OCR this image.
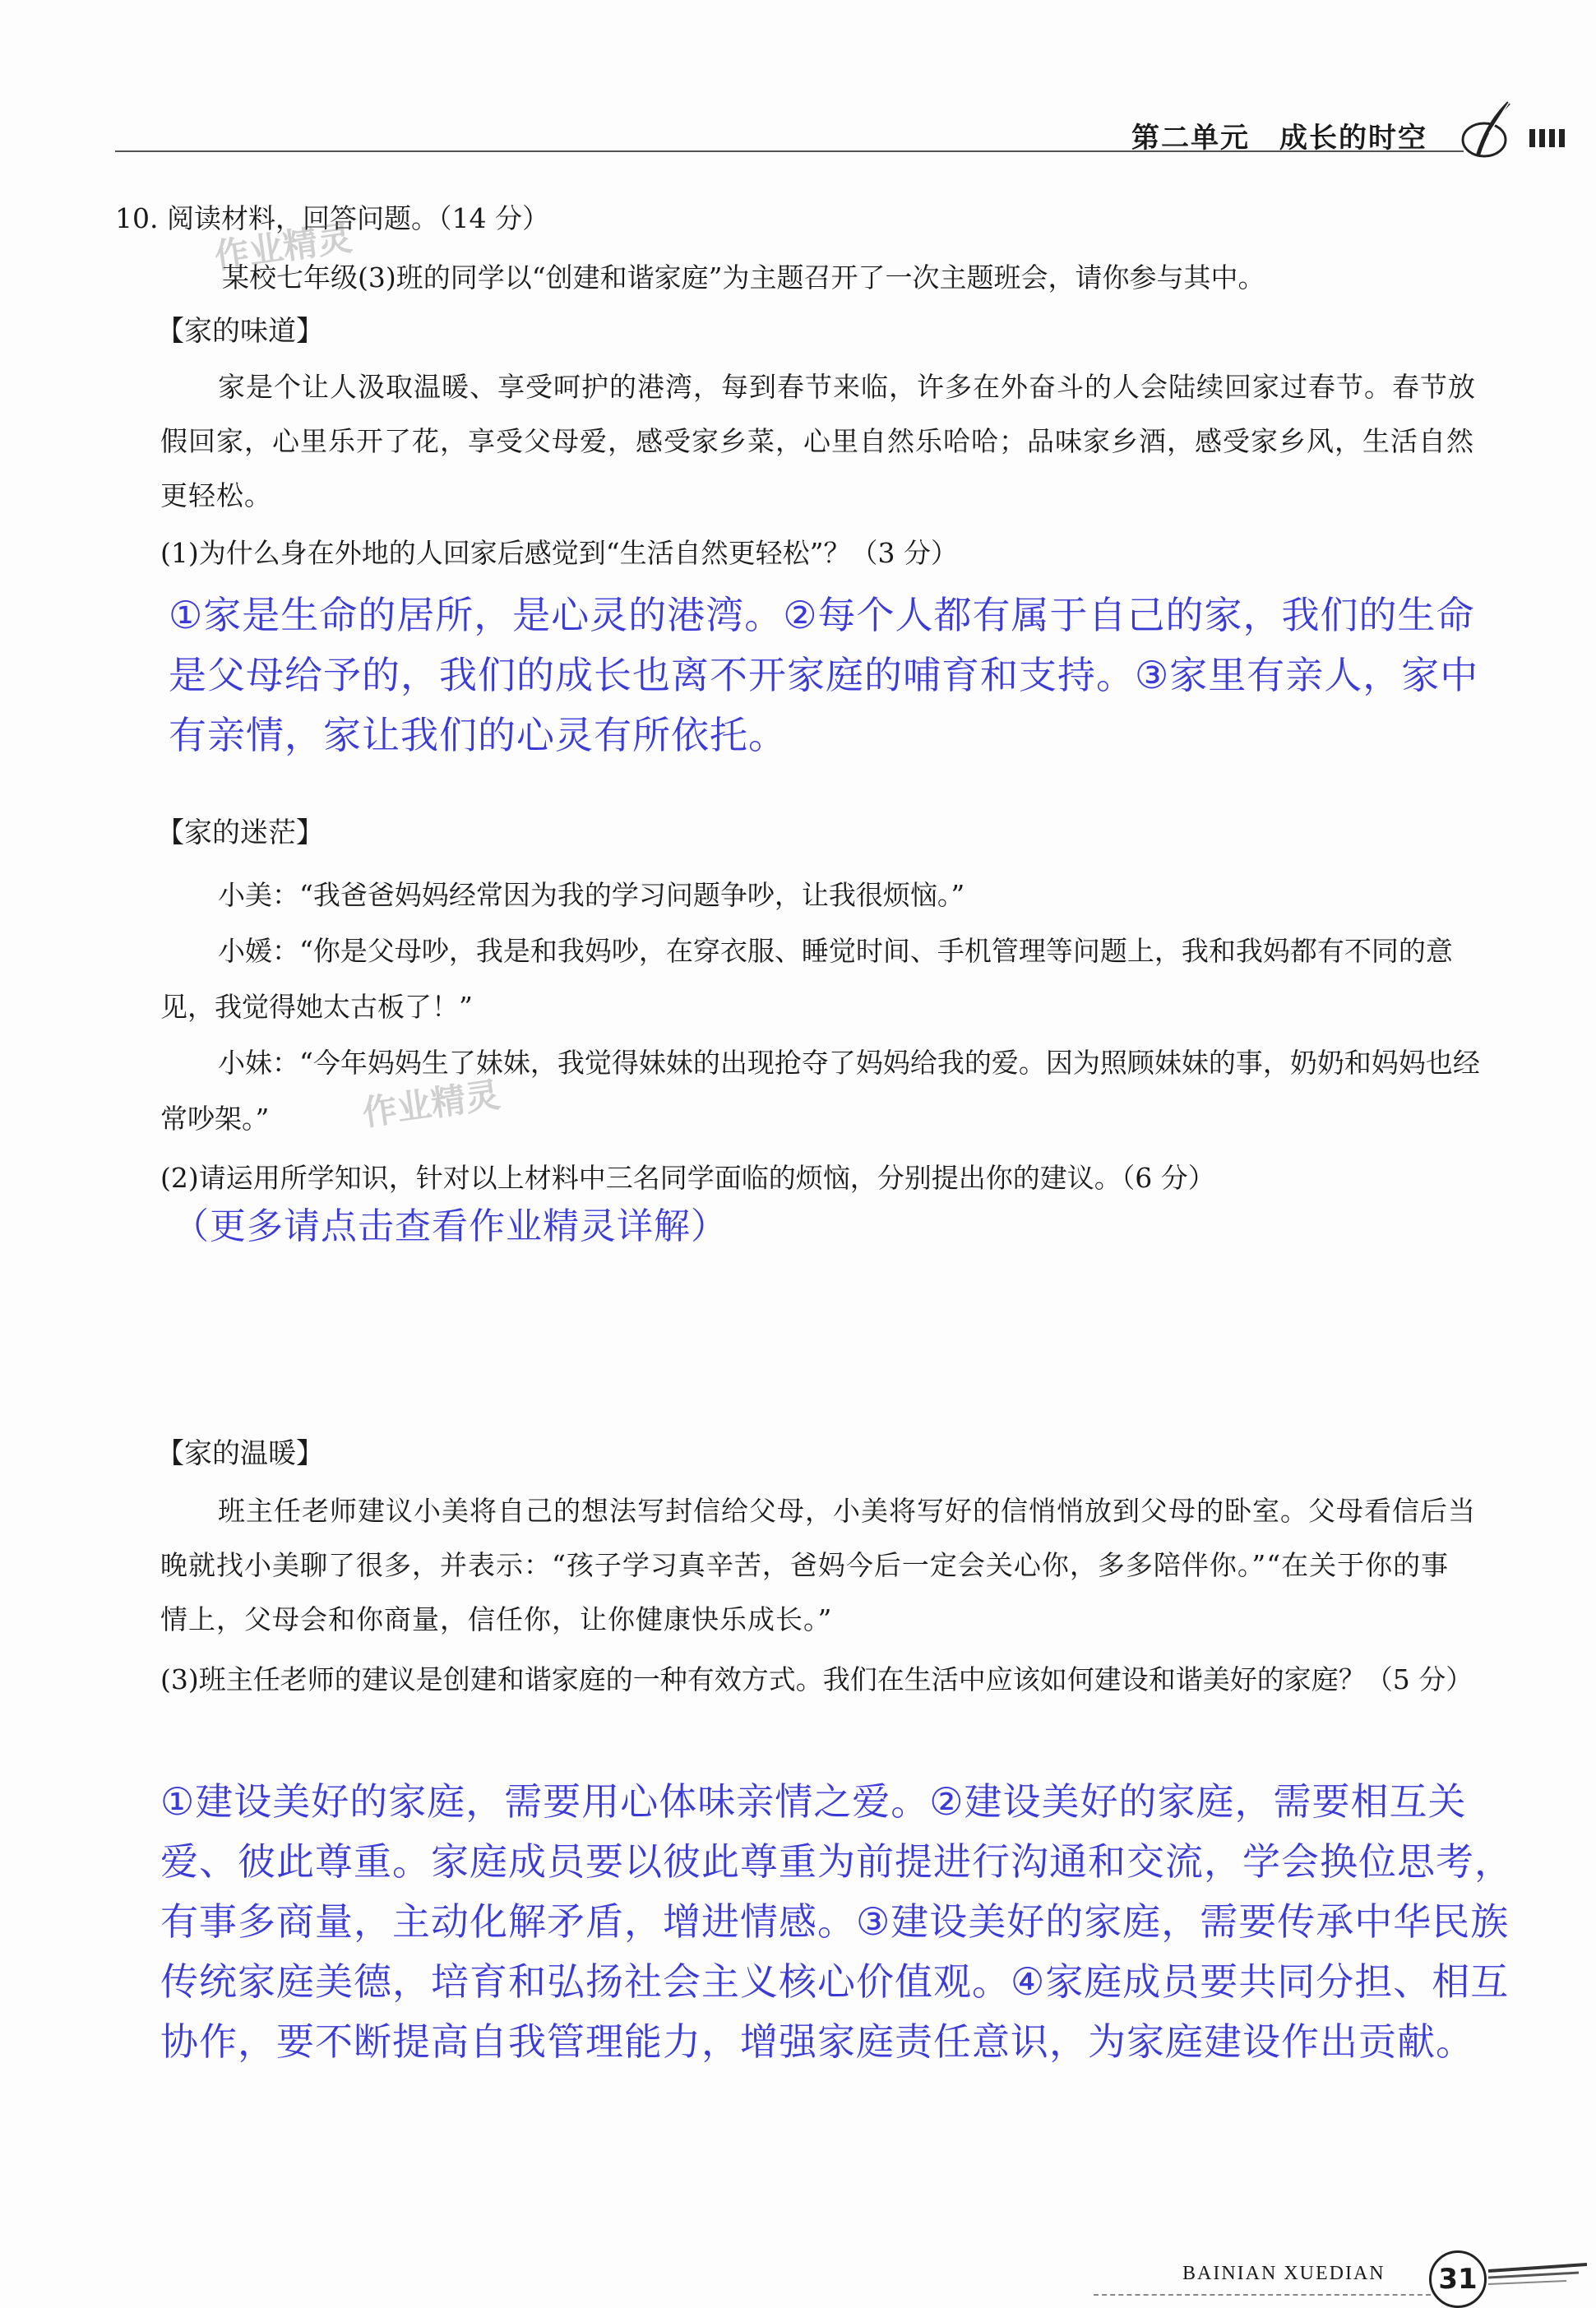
第二单元　成长的时空
10. 阅读材料，回答问题。（14 分）
作业精灵
某校七年级(3)班的同学以“创建和谐家庭”为主题召开了一次主题班会，请你参与其中。
【家的味道】
家是个让人汲取温暖、享受呵护的港湾，每到春节来临，许多在外奋斗的人会陆续回家过春节。春节放假回家，心里乐开了花，享受父母爱，感受家乡菜，心里自然乐哈哈；品味家乡酒，感受家乡风，生活自然更轻松。
(1)为什么身在外地的人回家后感觉到“生活自然更轻松”？（3 分）
①家是生命的居所，是心灵的港湾。②每个人都有属于自己的家，我们的生命是父母给予的，我们的成长也离不开家庭的哺育和支持。③家里有亲人，家中有亲情，家让我们的心灵有所依托。
【家的迷茫】

小美：“我爸爸妈妈经常因为我的学习问题争吵，让我很烦恼。”

小媛：“你是父母吵，我是和我妈吵，在穿衣服、睡觉时间、手机管理等问题上，我和我妈都有不同的意见，我觉得她太古板了！”

小妹：“今年妈妈生了妹妹，我觉得妹妹的出现抢夺了妈妈给我的爱。因为照顾妹妹的事，奶奶和妈妈也经常吵架。”	作业精灵
(2)请运用所学知识，针对以上材料中三名同学面临的烦恼，分别提出你的建议。（6 分）
（更多请点击查看作业精灵详解）
【家的温暖】
班主任老师建议小美将自己的想法写封信给父母，小美将写好的信悄悄放到父母的卧室。父母看信后当晚就找小美聊了很多，并表示：“孩子学习真辛苦，爸妈今后一定会关心你，多多陪伴你。”“在关于你的事情上，父母会和你商量，信任你，让你健康快乐成长。”
(3)班主任老师的建议是创建和谐家庭的一种有效方式。我们在生活中应该如何建设和谐美好的家庭？（5 分）
①建设美好的家庭，需要用心体味亲情之爱。②建设美好的家庭，需要相互关爱、彼此尊重。家庭成员要以彼此尊重为前提进行沟通和交流，学会换位思考，有事多商量，主动化解矛盾，增进情感。③建设美好的家庭，需要传承中华民族传统家庭美德，培育和弘扬社会主义核心价值观。④家庭成员要共同分担、相互协作，要不断提高自我管理能力，增强家庭责任意识，为家庭建设作出贡献。
BAINIAN XUEDIAN	31
